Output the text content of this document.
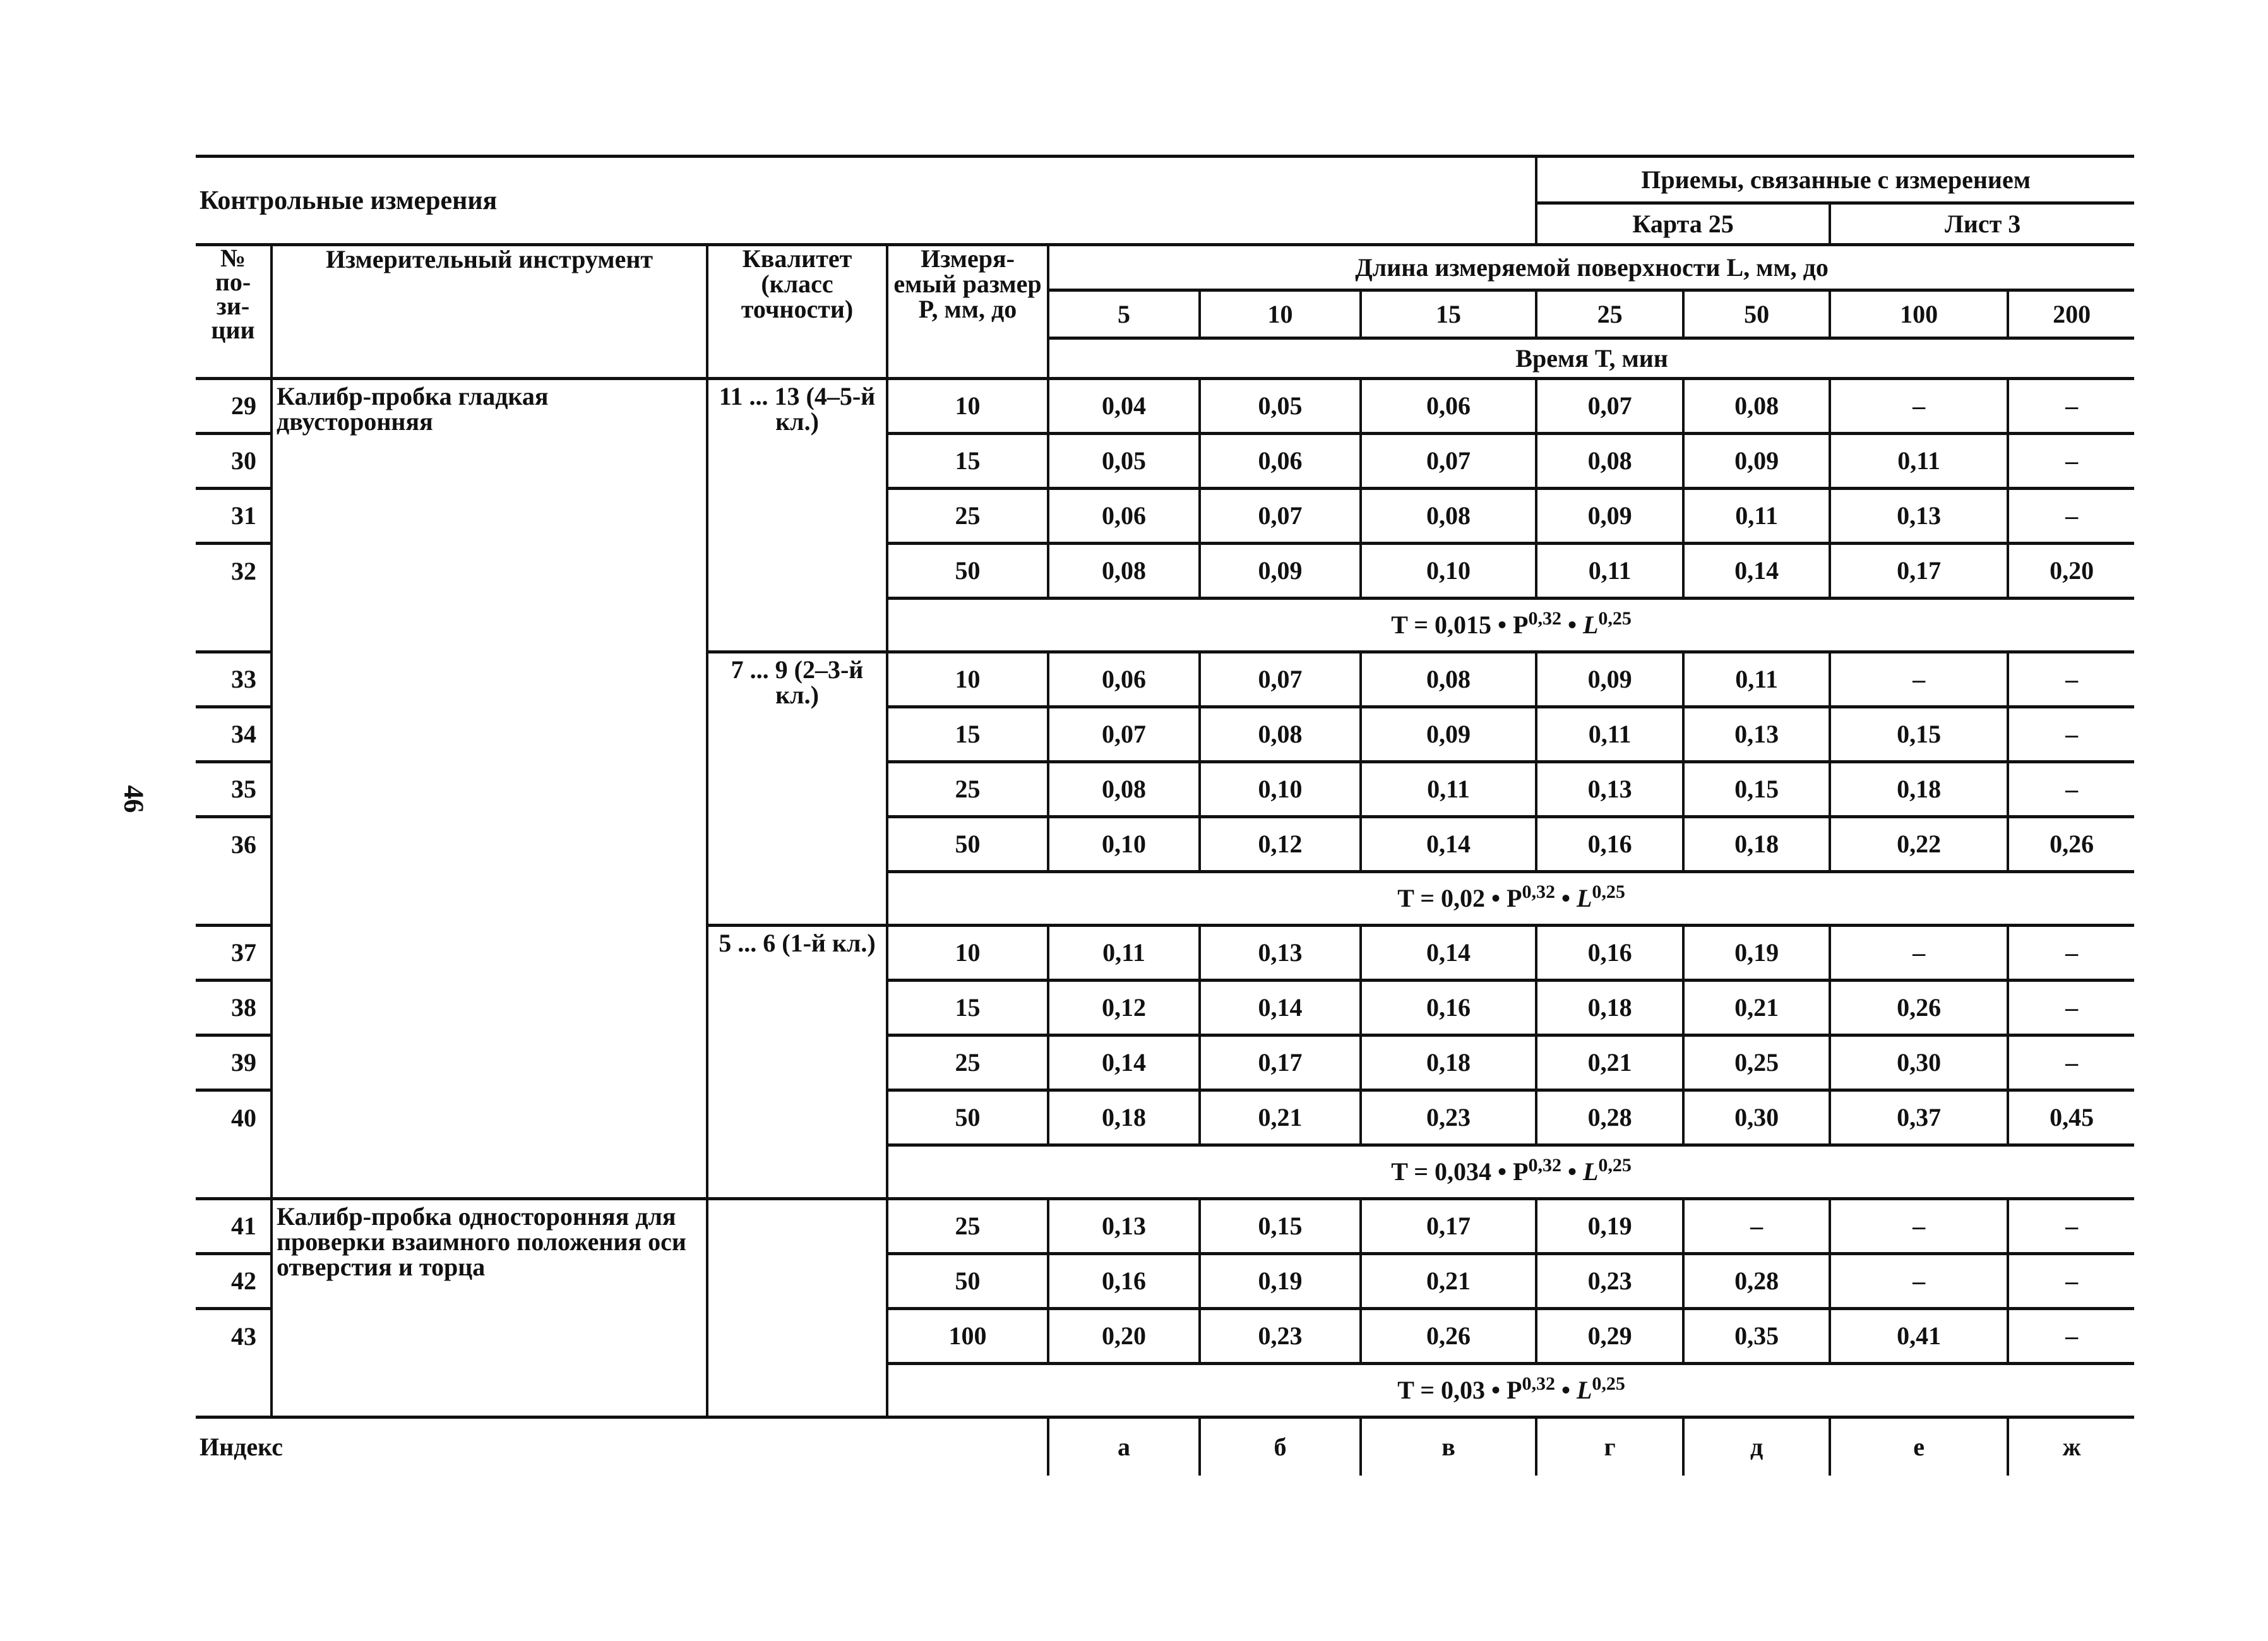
46
Контрольные измерения							Приемы, связанные с измерением			
							Карта 25		Лист 3	
№ по-зи-ции	Измерительный инструмент	Квалитет (класс точности)	Измеря-емый размер P, мм, до	Длина измеряемой поверхности L, мм, до						
				5	10	15	25	50	100	200
				Время Т, мин						
29	Калибр-пробка гладкая двусторонняя	11 ... 13 (4–5-й кл.)	10	0,04	0,05	0,06	0,07	0,08	–	–
30			15	0,05	0,06	0,07	0,08	0,09	0,11	–
31			25	0,06	0,07	0,08	0,09	0,11	0,13	–
32			50	0,08	0,09	0,10	0,11	0,14	0,17	0,20
			T = 0,015 • P$^{0,32}$ • L$^{0,25}$
33		7 ... 9 (2–3-й кл.)	10	0,06	0,07	0,08	0,09	0,11	–	–
34			15	0,07	0,08	0,09	0,11	0,13	0,15	–
35			25	0,08	0,10	0,11	0,13	0,15	0,18	–
36			50	0,10	0,12	0,14	0,16	0,18	0,22	0,26
			T = 0,02 • P$^{0,32}$ • L$^{0,25}$
37		5 ... 6 (1-й кл.)	10	0,11	0,13	0,14	0,16	0,19	–	–
38			15	0,12	0,14	0,16	0,18	0,21	0,26	–
39			25	0,14	0,17	0,18	0,21	0,25	0,30	–
40			50	0,18	0,21	0,23	0,28	0,30	0,37	0,45
			T = 0,034 • P$^{0,32}$ • L$^{0,25}$
41	Калибр-пробка односторонняя для проверки взаимного положения оси отверстия и торца		25	0,13	0,15	0,17	0,19	–	–	–
42			50	0,16	0,19	0,21	0,23	0,28	–	–
43			100	0,20	0,23	0,26	0,29	0,35	0,41	–
			T = 0,03 • P$^{0,32}$ • L$^{0,25}$
Индекс				а	б	в	г	д	е	ж
